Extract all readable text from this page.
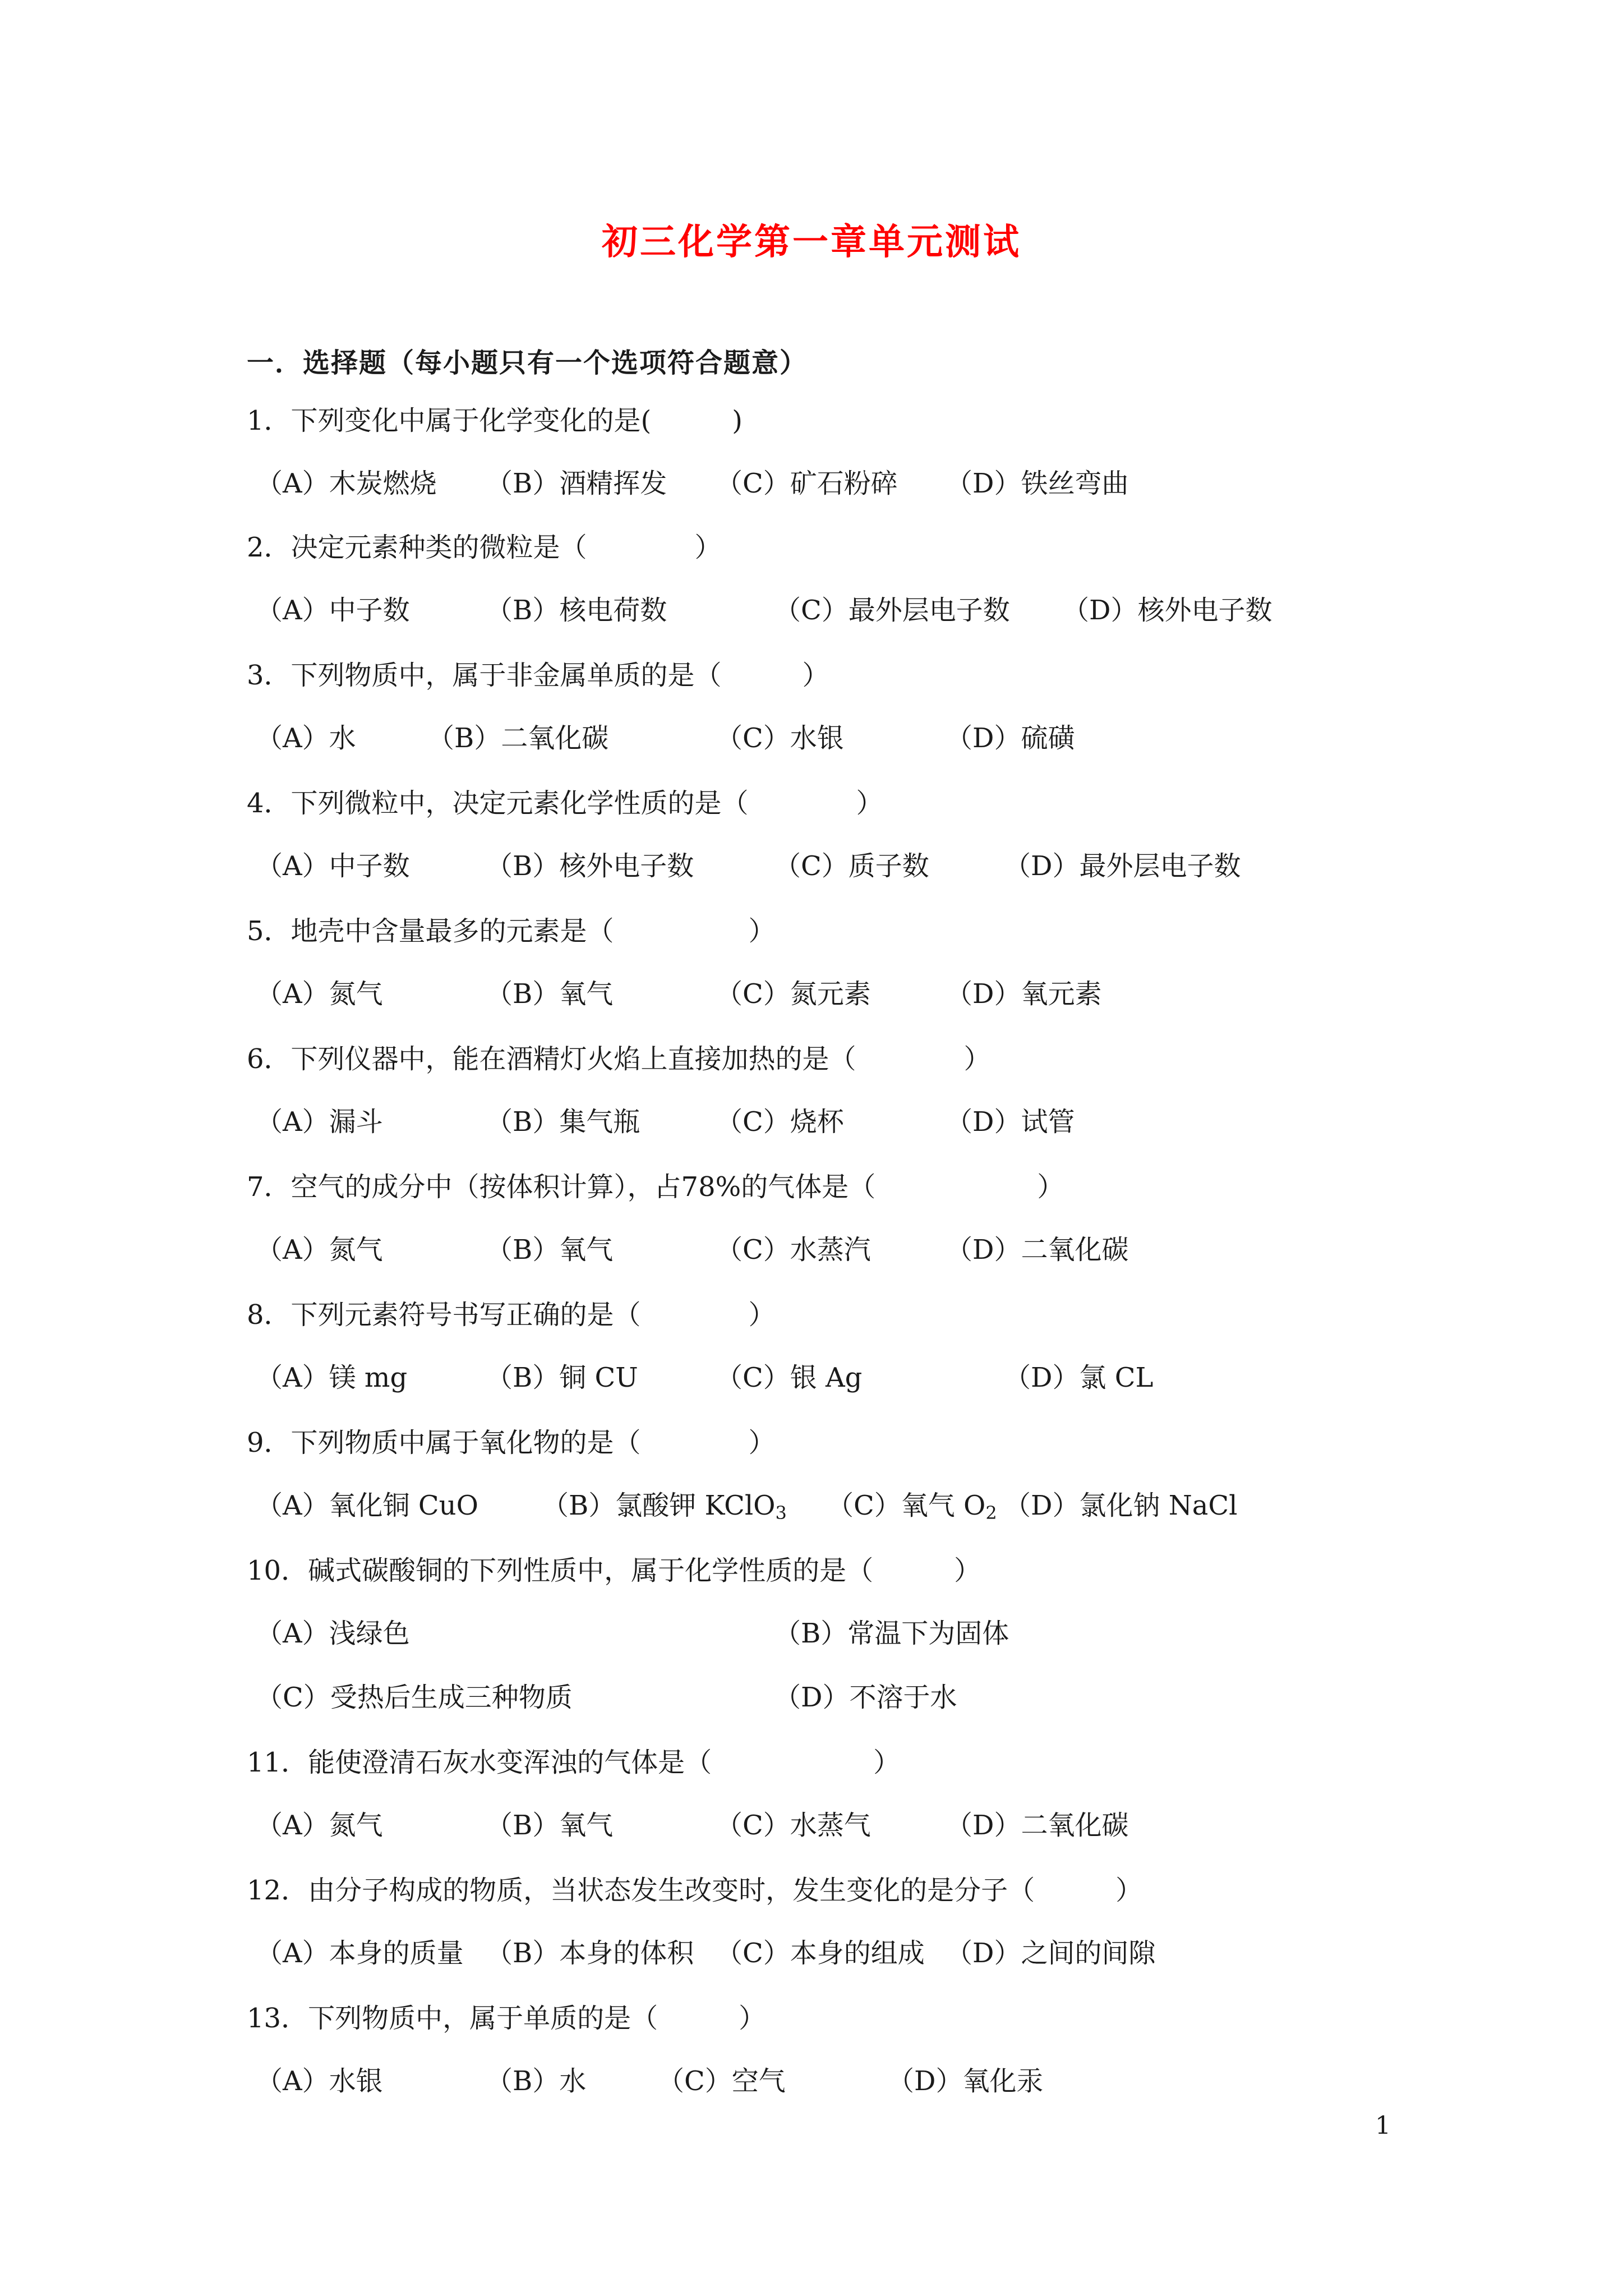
初三化学第一章单元测试
一．选择题（每小题只有一个选项符合题意）
1．下列变化中属于化学变化的是(　　　)
（A）木炭燃烧 （B）酒精挥发 （C）矿石粉碎 （D）铁丝弯曲
2．决定元素种类的微粒是（　　　　）
（A）中子数	（B）核电荷数	（C）最外层电子数 （D）核外电子数
3．下列物质中，属于非金属单质的是（　　　）
（A）水	（B）二氧化碳	（C）水银	（D）硫磺
4．下列微粒中，决定元素化学性质的是（　　　　）
（A）中子数	（B）核外电子数	（C）质子数	（D）最外层电子数
5．地壳中含量最多的元素是（　　　　　）
（A）氮气	（B）氧气	（C）氮元素	（D）氧元素
6．下列仪器中，能在酒精灯火焰上直接加热的是（　　　　）
（A）漏斗	（B）集气瓶	（C）烧杯	（D）试管
7．空气的成分中（按体积计算），占78%的气体是（　　　　　　）
（A）氮气	（B）氧气	（C）水蒸汽	（D）二氧化碳
8．下列元素符号书写正确的是（　　　　）
（A）镁 mg	（B）铜 CU	（C）银 Ag	（D）氯 CL
9．下列物质中属于氧化物的是（　　　　）
（A）氧化铜 CuO （B）氯酸钾 KClO$_3$ （C）氧气 $O_2$ （D）氯化钠 NaCl
10．碱式碳酸铜的下列性质中，属于化学性质的是（　　　）
（A）浅绿色	（B）常温下为固体
（C）受热后生成三种物质	（D）不溶于水
11．能使澄清石灰水变浑浊的气体是（　　　　　　）
（A）氮气	（B）氧气	（C）水蒸气	（D）二氧化碳
12．由分子构成的物质，当状态发生改变时，发生变化的是分子（　　　）
（A）本身的质量 （B）本身的体积 （C）本身的组成 （D）之间的间隙
13．下列物质中，属于单质的是（　　　）
（A）水银	（B）水	（C）空气	（D）氧化汞
1
